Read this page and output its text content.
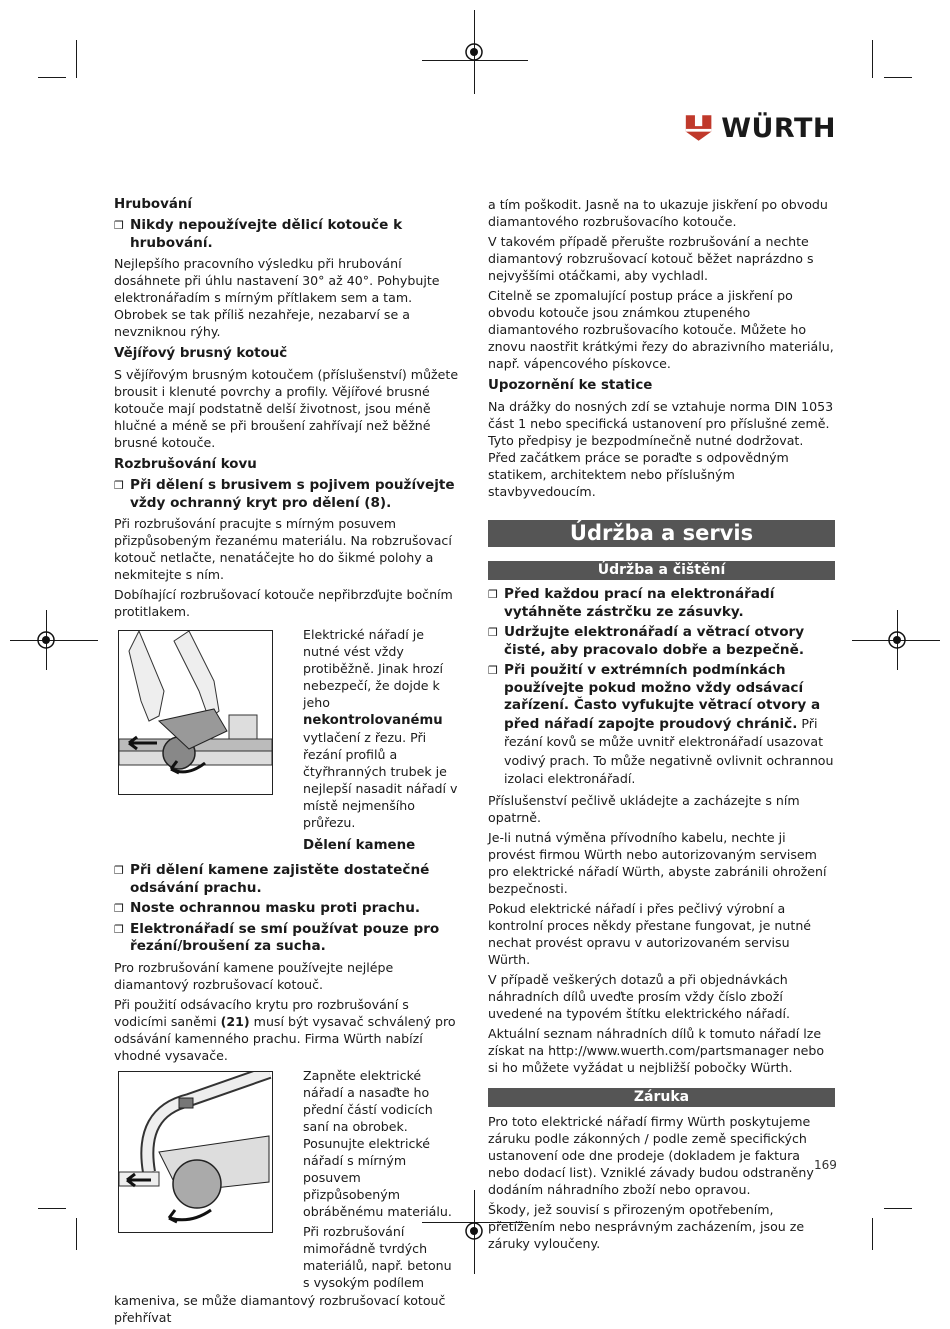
WÜRTH
Hrubování
❒ Nikdy nepoužívejte dělicí kotouče k hrubování.

Nejlepšího pracovního výsledku při hrubování dosáhnete při úhlu nastavení 30° až 40°. Pohybujte elektronářadím s mírným přítlakem sem a tam. Obrobek se tak příliš nezahřeje, nezabarví se a nevzniknou rýhy.

Vějířový brusný kotouč

S vějířovým brusným kotoučem (příslušenství) můžete brousit i klenuté povrchy a profily. Vějířové brusné kotouče mají podstatně delší životnost, jsou méně hlučné a méně se při broušení zahřívají než běžné brusné kotouče.

Rozbrušování kovu
❒ Při dělení s brusivem s pojivem používejte vždy ochranný kryt pro dělení (8).

Při rozbrušování pracujte s mírným posuvem přizpůsobeným řezanému materiálu. Na robzrušovací kotouč netlačte, nenatáčejte ho do šikmé polohy a nekmitejte s ním.

Dobíhající rozbrušovací kotouče nepřibrzďujte bočním protitlakem.

Elektrické nářadí je nutné vést vždy protiběžně. Jinak hrozí nebezpečí, že dojde k jeho nekontrolovanému vytlačení z řezu. Při řezání profilů a čtyřhranných trubek je nejlepší nasadit nářadí v místě nejmenšího průřezu.

Dělení kamene
❒ Při dělení kamene zajistěte dostatečné odsávání prachu.
❒ Noste ochrannou masku proti prachu.
❒ Elektronářadí se smí používat pouze pro řezání/broušení za sucha.

Pro rozbrušování kamene používejte nejlépe diamantový rozbrušovací kotouč.

Při použití odsávacího krytu pro rozbrušování s vodicími saněmi (21) musí být vysavač schválený pro odsávání kamenného prachu. Firma Würth nabízí vhodné vysavače.

Zapněte elektrické nářadí a nasaďte ho přední částí vodicích saní na obrobek. Posunujte elektrické nářadí s mírným posuvem přizpůsobeným obráběnému materiálu.

Při rozbrušování mimořádně tvrdých materiálů, např. betonu s vysokým podílem

kameniva, se může diamantový rozbrušovací kotouč přehřívat

a tím poškodit. Jasně na to ukazuje jiskření po obvodu diamantového rozbrušovacího kotouče.

V takovém případě přerušte rozbrušování a nechte diamantový robzrušovací kotouč běžet naprázdno s nejvyššími otáčkami, aby vychladl.

Citelně se zpomalující postup práce a jiskření po obvodu kotouče jsou známkou ztupeného diamantového rozbrušovacího kotouče. Můžete ho znovu naostřit krátkými řezy do abrazivního materiálu, např. vápencového pískovce.

Upozornění ke statice

Na drážky do nosných zdí se vztahuje norma DIN 1053 část 1 nebo specifická ustanovení pro příslušné země. Tyto předpisy je bezpodmínečně nutné dodržovat. Před začátkem práce se poraďte s odpovědným statikem, architektem nebo příslušným stavbyvedoucím.

Údržba a servis
Údržba a čištění
❒ Před každou prací na elektronářadí vytáhněte zástrčku ze zásuvky.
❒ Udržujte elektronářadí a větrací otvory čisté, aby pracovalo dobře a bezpečně.
❒ Při použití v extrémních podmínkách používejte pokud možno vždy odsávací zařízení. Často vyfukujte větrací otvory a před nářadí zapojte proudový chránič. Při řezání kovů se může uvnitř elektronářadí usazovat vodivý prach. To může negativně ovlivnit ochrannou izolaci elektronářadí.

Příslušenství pečlivě ukládejte a zacházejte s ním opatrně.

Je-li nutná výměna přívodního kabelu, nechte ji provést firmou Würth nebo autorizovaným servisem pro elektrické nářadí Würth, abyste zabránili ohrožení bezpečnosti.

Pokud elektrické nářadí i přes pečlivý výrobní a kontrolní proces někdy přestane fungovat, je nutné nechat provést opravu v autorizovaném servisu Würth.

V případě veškerých dotazů a při objednávkách náhradních dílů uveďte prosím vždy číslo zboží uvedené na typovém štítku elektrického nářadí.

Aktuální seznam náhradních dílů k tomuto nářadí lze získat na http://www.wuerth.com/partsmanager nebo si ho můžete vyžádat u nejbližší pobočky Würth.

Záruka

Pro toto elektrické nářadí firmy Würth poskytujeme záruku podle zákonných / podle země specifických ustanovení ode dne prodeje (dokladem je faktura nebo dodací list). Vzniklé závady budou odstraněny dodáním náhradního zboží nebo opravou.

Škody, jež souvisí s přirozeným opotřebením, přetížením nebo nesprávným zacházením, jsou ze záruky vyloučeny.

169
